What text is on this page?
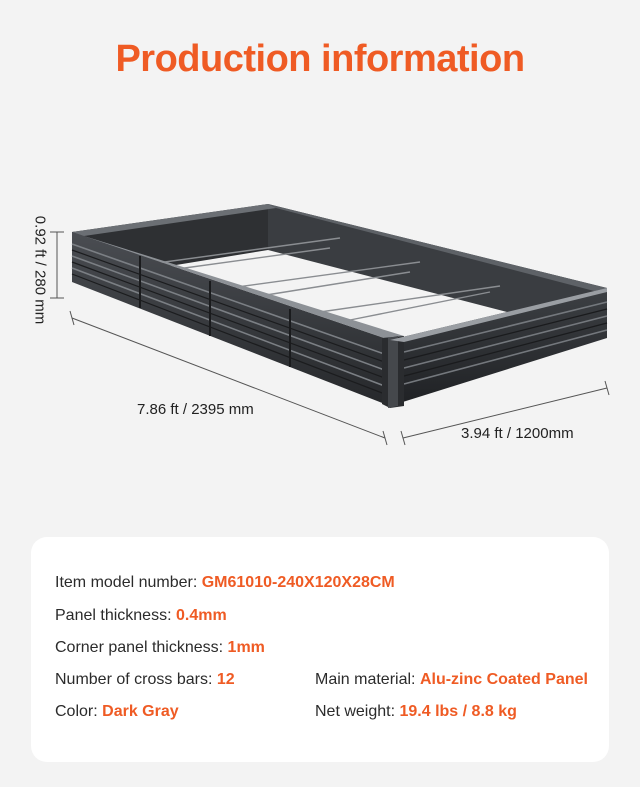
Production information
0.92 ft / 280 mm
7.86 ft / 2395 mm
3.94 ft / 1200mm
Item model number: GM61010-240X120X28CM
Panel thickness: 0.4mm
Corner panel thickness: 1mm
Number of cross bars: 12
Color: Dark Gray
Main material: Alu-zinc Coated Panel
Net weight: 19.4 lbs / 8.8 kg
